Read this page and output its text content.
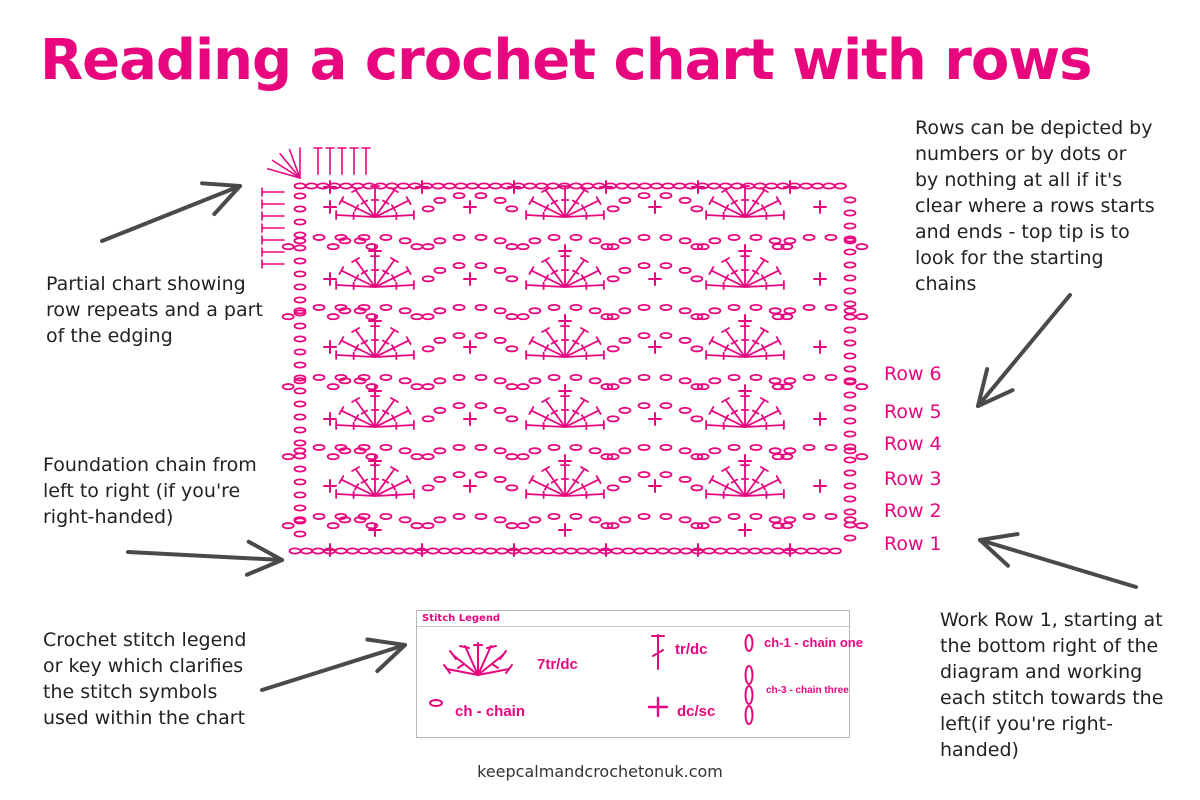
Reading a crochet chart with rows
Partial chart showing row repeats and a part of the edging
Rows can be depicted by numbers or by dots or by nothing at all if it's clear where a rows starts and ends - top tip is to look for the starting chains
Foundation chain from left to right (if you're right-handed)
Work Row 1, starting at the bottom right of the diagram and working each stitch towards the left(if you're right-handed)
Crochet stitch legend or key which clarifies the stitch symbols used within the chart
Row 6
Row 5
Row 4
Row 3
Row 2
Row 1
Stitch Legend
7tr/dc
ch - chain
tr/dc
dc/sc
ch-1 - chain one
ch-3 - chain three
keepcalmandcrochetonuk.com
